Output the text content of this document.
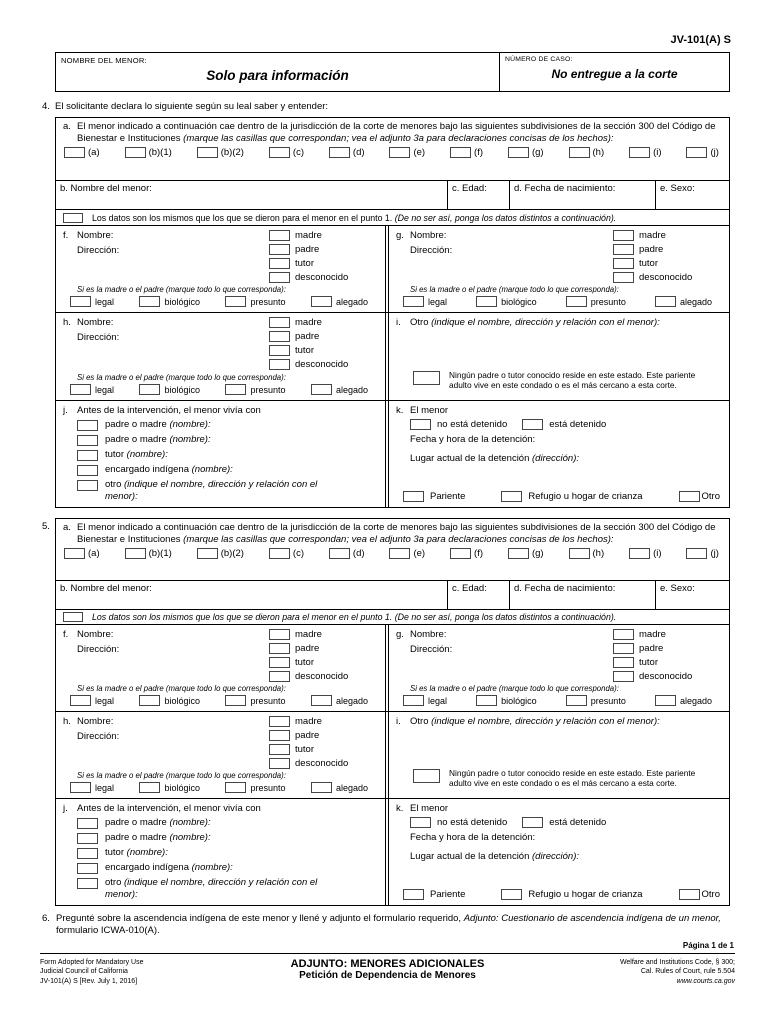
JV-101(A) S
NOMBRE DEL MENOR:
Solo para información
NÚMERO DE CASO:
No entregue a la corte
4. El solicitante declara lo siguiente según su leal saber y entender:
a. El menor indicado a continuación cae dentro de la jurisdicción de la corte de menores bajo las siguientes subdivisiones de la sección 300 del Código de Bienestar e Instituciones (marque las casillas que correspondan; vea el adjunto 3a para declaraciones concisas de los hechos):
(a)	(b)(1)	(b)(2)	(c)	(d)	(e)	(f)	(g)	(h)	(i)	(j)
b. Nombre del menor:	c. Edad:	d. Fecha de nacimiento:	e. Sexo:
Los datos son los mismos que los que se dieron para el menor en el punto 1. (De no ser así, ponga los datos distintos a continuación).
f. Nombre:
Dirección:
madre
padre
tutor
desconocido
Si es la madre o el padre (marque todo lo que corresponda):
legal	biológico	presunto	alegado
g. Nombre:
Dirección:
madre
padre
tutor
desconocido
Si es la madre o el padre (marque todo lo que corresponda):
legal	biológico	presunto	alegado
h. Nombre:
Dirección:
madre
padre
tutor
desconocido
Si es la madre o el padre (marque todo lo que corresponda):
legal	biológico	presunto	alegado
i. Otro (indique el nombre, dirección y relación con el menor):
Ningún padre o tutor conocido reside en este estado. Este pariente adulto vive en este condado o es el más cercano a esta corte.
j. Antes de la intervención, el menor vivía con
padre o madre (nombre):
padre o madre (nombre):
tutor (nombre):
encargado indígena (nombre):
otro (indique el nombre, dirección y relación con el menor):
k. El menor
no está detenido	está detenido
Fecha y hora de la detención:
Lugar actual de la detención (dirección):
Pariente	Refugio u hogar de crianza	Otro
5. a. El menor indicado a continuación cae dentro de la jurisdicción de la corte de menores bajo las siguientes subdivisiones de la sección 300 del Código de Bienestar e Instituciones (marque las casillas que correspondan; vea el adjunto 3a para declaraciones concisas de los hechos):
(a)	(b)(1)	(b)(2)	(c)	(d)	(e)	(f)	(g)	(h)	(i)	(j)
b. Nombre del menor:	c. Edad:	d. Fecha de nacimiento:	e. Sexo:
Los datos son los mismos que los que se dieron para el menor en el punto 1. (De no ser así, ponga los datos distintos a continuación).
f. Nombre:
Dirección:
madre
padre
tutor
desconocido
Si es la madre o el padre (marque todo lo que corresponda):
legal	biológico	presunto	alegado
g. Nombre:
Dirección:
madre
padre
tutor
desconocido
Si es la madre o el padre (marque todo lo que corresponda):
legal	biológico	presunto	alegado
h. Nombre:
Dirección:
madre
padre
tutor
desconocido
Si es la madre o el padre (marque todo lo que corresponda):
legal	biológico	presunto	alegado
i. Otro (indique el nombre, dirección y relación con el menor):
Ningún padre o tutor conocido reside en este estado. Este pariente adulto vive en este condado o es el más cercano a esta corte.
j. Antes de la intervención, el menor vivía con
padre o madre (nombre):
padre o madre (nombre):
tutor (nombre):
encargado indígena (nombre):
otro (indique el nombre, dirección y relación con el menor):
k. El menor
no está detenido	está detenido
Fecha y hora de la detención:
Lugar actual de la detención (dirección):
Pariente	Refugio u hogar de crianza	Otro
6. Pregunté sobre la ascendencia indígena de este menor y llené y adjunto el formulario requerido, Adjunto: Cuestionario de ascendencia indígena de un menor, formulario ICWA-010(A).
Página 1 de 1
Form Adopted for Mandatory Use
Judicial Council of California
JV-101(A) S [Rev. July 1, 2016]
ADJUNTO: MENORES ADICIONALES
Petición de Dependencia de Menores
Welfare and Institutions Code, § 300;
Cal. Rules of Court, rule 5.504
www.courts.ca.gov
